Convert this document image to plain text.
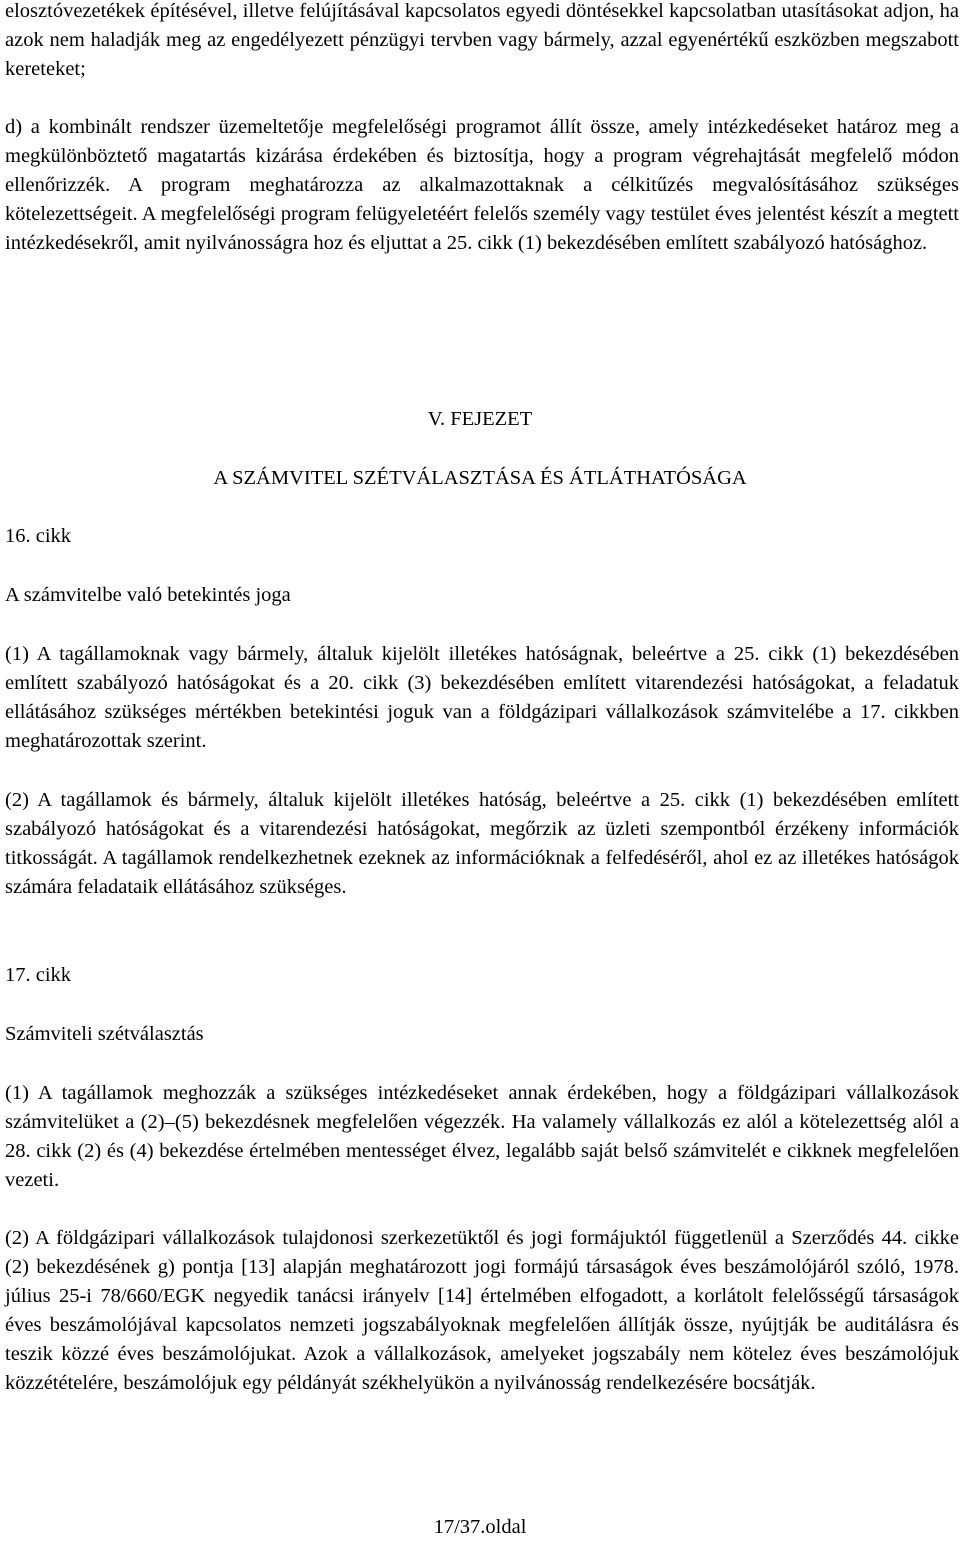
elosztóvezetékek építésével, illetve felújításával kapcsolatos egyedi döntésekkel kapcsolatban utasításokat adjon, ha azok nem haladják meg az engedélyezett pénzügyi tervben vagy bármely, azzal egyenértékű eszközben megszabott kereteket;

d) a kombinált rendszer üzemeltetője megfelelőségi programot állít össze, amely intézkedéseket határoz meg a megkülönböztető magatartás kizárása érdekében és biztosítja, hogy a program végrehajtását megfelelő módon ellenőrizzék. A program meghatározza az alkalmazottaknak a célkitűzés megvalósításához szükséges kötelezettségeit. A megfelelőségi program felügyeletéért felelős személy vagy testület éves jelentést készít a megtett intézkedésekről, amit nyilvánosságra hoz és eljuttat a 25. cikk (1) bekezdésében említett szabályozó hatósághoz.

V. FEJEZET
A SZÁMVITEL SZÉTVÁLASZTÁSA ÉS ÁTLÁTHATÓSÁGA
16. cikk
A számvitelbe való betekintés joga

(1) A tagállamoknak vagy bármely, általuk kijelölt illetékes hatóságnak, beleértve a 25. cikk (1) bekezdésében említett szabályozó hatóságokat és a 20. cikk (3) bekezdésében említett vitarendezési hatóságokat, a feladatuk ellátásához szükséges mértékben betekintési joguk van a földgázipari vállalkozások számvitelébe a 17. cikkben meghatározottak szerint.

(2) A tagállamok és bármely, általuk kijelölt illetékes hatóság, beleértve a 25. cikk (1) bekezdésében említett szabályozó hatóságokat és a vitarendezési hatóságokat, megőrzik az üzleti szempontból érzékeny információk titkosságát. A tagállamok rendelkezhetnek ezeknek az információknak a felfedéséről, ahol ez az illetékes hatóságok számára feladataik ellátásához szükséges.

17. cikk
Számviteli szétválasztás

(1) A tagállamok meghozzák a szükséges intézkedéseket annak érdekében, hogy a földgázipari vállalkozások számvitelüket a (2)–(5) bekezdésnek megfelelően végezzék. Ha valamely vállalkozás ez alól a kötelezettség alól a 28. cikk (2) és (4) bekezdése értelmében mentességet élvez, legalább saját belső számvitelét e cikknek megfelelően vezeti.

(2) A földgázipari vállalkozások tulajdonosi szerkezetüktől és jogi formájuktól függetlenül a Szerződés 44. cikke (2) bekezdésének g) pontja [13] alapján meghatározott jogi formájú társaságok éves beszámolójáról szóló, 1978. július 25-i 78/660/EGK negyedik tanácsi irányelv [14] értelmében elfogadott, a korlátolt felelősségű társaságok éves beszámolójával kapcsolatos nemzeti jogszabályoknak megfelelően állítják össze, nyújtják be auditálásra és teszik közzé éves beszámolójukat. Azok a vállalkozások, amelyeket jogszabály nem kötelez éves beszámolójuk közzétételére, beszámolójuk egy példányát székhelyükön a nyilvánosság rendelkezésére bocsátják.

17/37.oldal
